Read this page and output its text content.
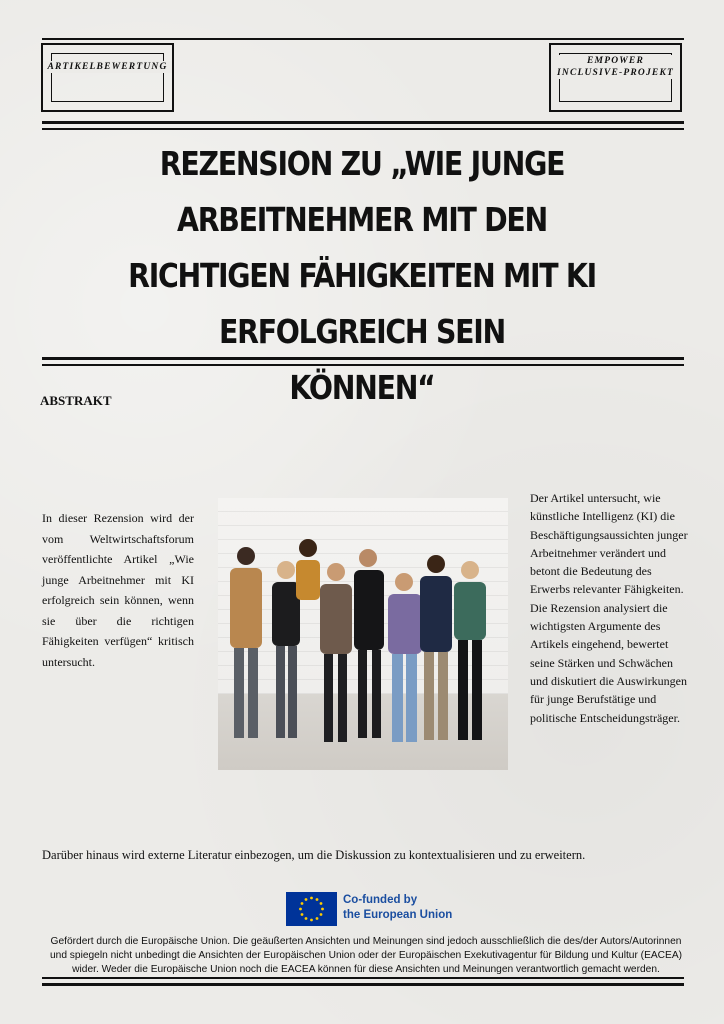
ARTIKELBEWERTUNG
EMPOWER
INCLUSIVE-PROJEKT
REZENSION ZU „WIE JUNGE ARBEITNEHMER MIT DEN
RICHTIGEN FÄHIGKEITEN MIT KI ERFOLGREICH SEIN
KÖNNEN“
ABSTRAKT
In dieser Rezension wird der vom Weltwirtschaftsforum veröffentlichte Artikel „Wie junge Arbeitnehmer mit KI erfolgreich sein können, wenn sie über die richtigen Fähigkeiten verfügen“ kritisch untersucht.
Der Artikel untersucht, wie künstliche Intelligenz (KI) die Beschäftigungsaussichten junger Arbeitnehmer verändert und betont die Bedeutung des Erwerbs relevanter Fähigkeiten. Die Rezension analysiert die wichtigsten Argumente des Artikels eingehend, bewertet seine Stärken und Schwächen und diskutiert die Auswirkungen für junge Berufstätige und politische Entscheidungsträger.
Darüber hinaus wird externe Literatur einbezogen, um die Diskussion zu kontextualisieren und zu erweitern.
Co-funded by
the European Union
Gefördert durch die Europäische Union. Die geäußerten Ansichten und Meinungen sind jedoch ausschließlich die des/der Autors/Autorinnen
und spiegeln nicht unbedingt die Ansichten der Europäischen Union oder der Europäischen Exekutivagentur für Bildung und Kultur (EACEA)
wider. Weder die Europäische Union noch die EACEA können für diese Ansichten und Meinungen verantwortlich gemacht werden.
